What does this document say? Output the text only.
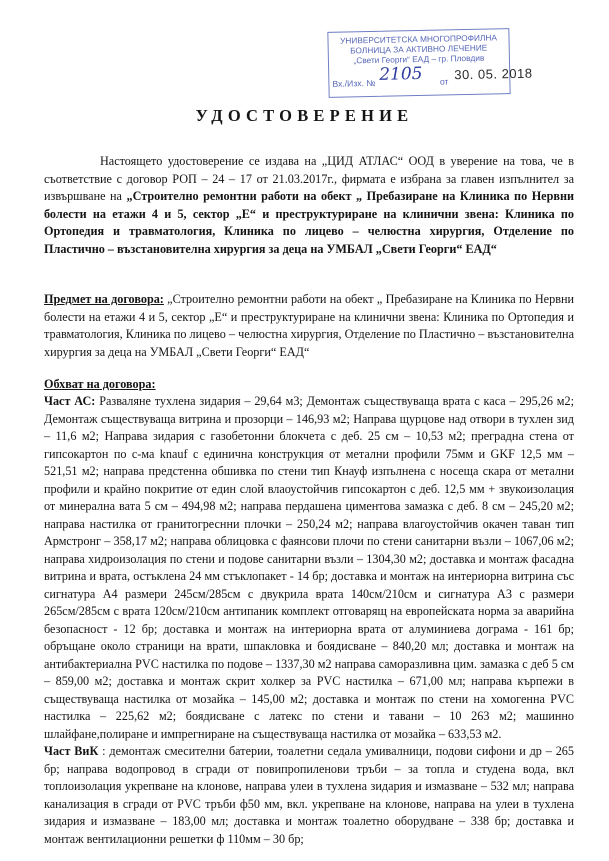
УНИВЕРСИТЕТСКА МНОГОПРОФИЛНА
БОЛНИЦА ЗА АКТИВНО ЛЕЧЕНИЕ
„Свети Георги“ ЕАД – гр. Пловдив
Вх./Изх. №	от
2105 30. 05. 2018
УДОСТОВЕРЕНИЕ
Настоящето удостоверение се издава на „ЦИД АТЛАС“ ООД в уверение на това, че в съответствие с договор РОП – 24 – 17 от 21.03.2017г., фирмата е избрана за главен изпълнител за извършване на „Строително ремонтни работи на обект „ Пребазиране на Клиника по Нервни болести на етажи 4 и 5, сектор „Е“ и преструктуриране на клинични звена: Клиника по Ортопедия и травматология, Клиника по лицево – челюстна хирургия, Отделение по Пластично – възстановителна хирургия за деца на УМБАЛ „Свети Георги“ ЕАД“
Предмет на договора: „Строително ремонтни работи на обект „ Пребазиране на Клиника по Нервни болести на етажи 4 и 5, сектор „Е“ и преструктуриране на клинични звена: Клиника по Ортопедия и травматология, Клиника по лицево – челюстна хирургия, Отделение по Пластично – възстановителна хирургия за деца на УМБАЛ „Свети Георги“ ЕАД“
Обхват на договора:

Част АС: Разваляне тухлена зидария – 29,64 м3; Демонтаж съществуваща врата с каса – 295,26 м2; Демонтаж съществуваща витрина и прозорци – 146,93 м2; Направа щурцове над отвори в тухлен зид – 11,6 м2; Направа зидария с газобетонни блокчета с деб. 25 см – 10,53 м2; преградна стена от гипсокартон по с-ма knauf с единична конструкция от метални профили 75мм и GKF 12,5 мм – 521,51 м2; направа предстенна обшивка по стени тип Кнауф изпълнена с носеща скара от метални профили и крайно покритие от един слой влаоустойчив гипсокартон с деб. 12,5 мм + звукоизолация от минерална вата 5 см – 494,98 м2; направа пердашена циментова замазка с деб. 8 см – 245,20 м2; направа настилка от гранитогреснни плочки – 250,24 м2; направа влагоустойчив окачен таван тип Армстронг – 358,17 м2; направа облицовка с фаянсови плочи по стени санитарни възли – 1067,06 м2; направа хидроизолация по стени и подове санитарни възли – 1304,30 м2; доставка и монтаж фасадна витрина и врата, остъклена 24 мм стъклопакет - 14 бр; доставка и монтаж на интериорна витрина със сигнатура А4 размери 245см/285см с двукрила врата 140см/210см и сигнатура А3 с размери 265см/285см с врата 120см/210см антипаник комплект отговарящ на европейската норма за аварийна безопасност - 12 бр; доставка и монтаж на интериорна врата от алуминиева дограма - 161 бр; обръщане около страници на врати, шпакловка и боядисване – 840,20 мл; доставка и монтаж на антибактериална PVC настилка по подове – 1337,30 м2 направа саморазливна цим. замазка с деб 5 см – 859,00 м2; доставка и монтаж скрит холкер за PVC настилка – 671,00 мл; направа кърпежи в съществуваща настилка от мозайка – 145,00 м2; доставка и монтаж по стени на хомогенна PVC настилка – 225,62 м2; боядисване с латекс по стени и тавани – 10 263 м2; машинно шлайфане,полиране и импрегниране на съществуваща настилка от мозайка – 633,53 м2.

Част ВиК : демонтаж смесителни батерии, тоалетни седала умивалници, подови сифони и др – 265 бр; направа водопровод в сгради от повипропиленови тръби – за топла и студена вода, вкл топлоизолация укрепване на клонове, направа улеи в тухлена зидария и измазване – 532 мл; направа канализация в сгради от PVC тръби ф50 мм, вкл. укрепване на клонове, направа на улеи в тухлена зидария и измазване – 183,00 мл; доставка и монтаж тоалетно оборудване – 338 бр; доставка и монтаж вентилационни решетки ф 110мм – 30 бр;
